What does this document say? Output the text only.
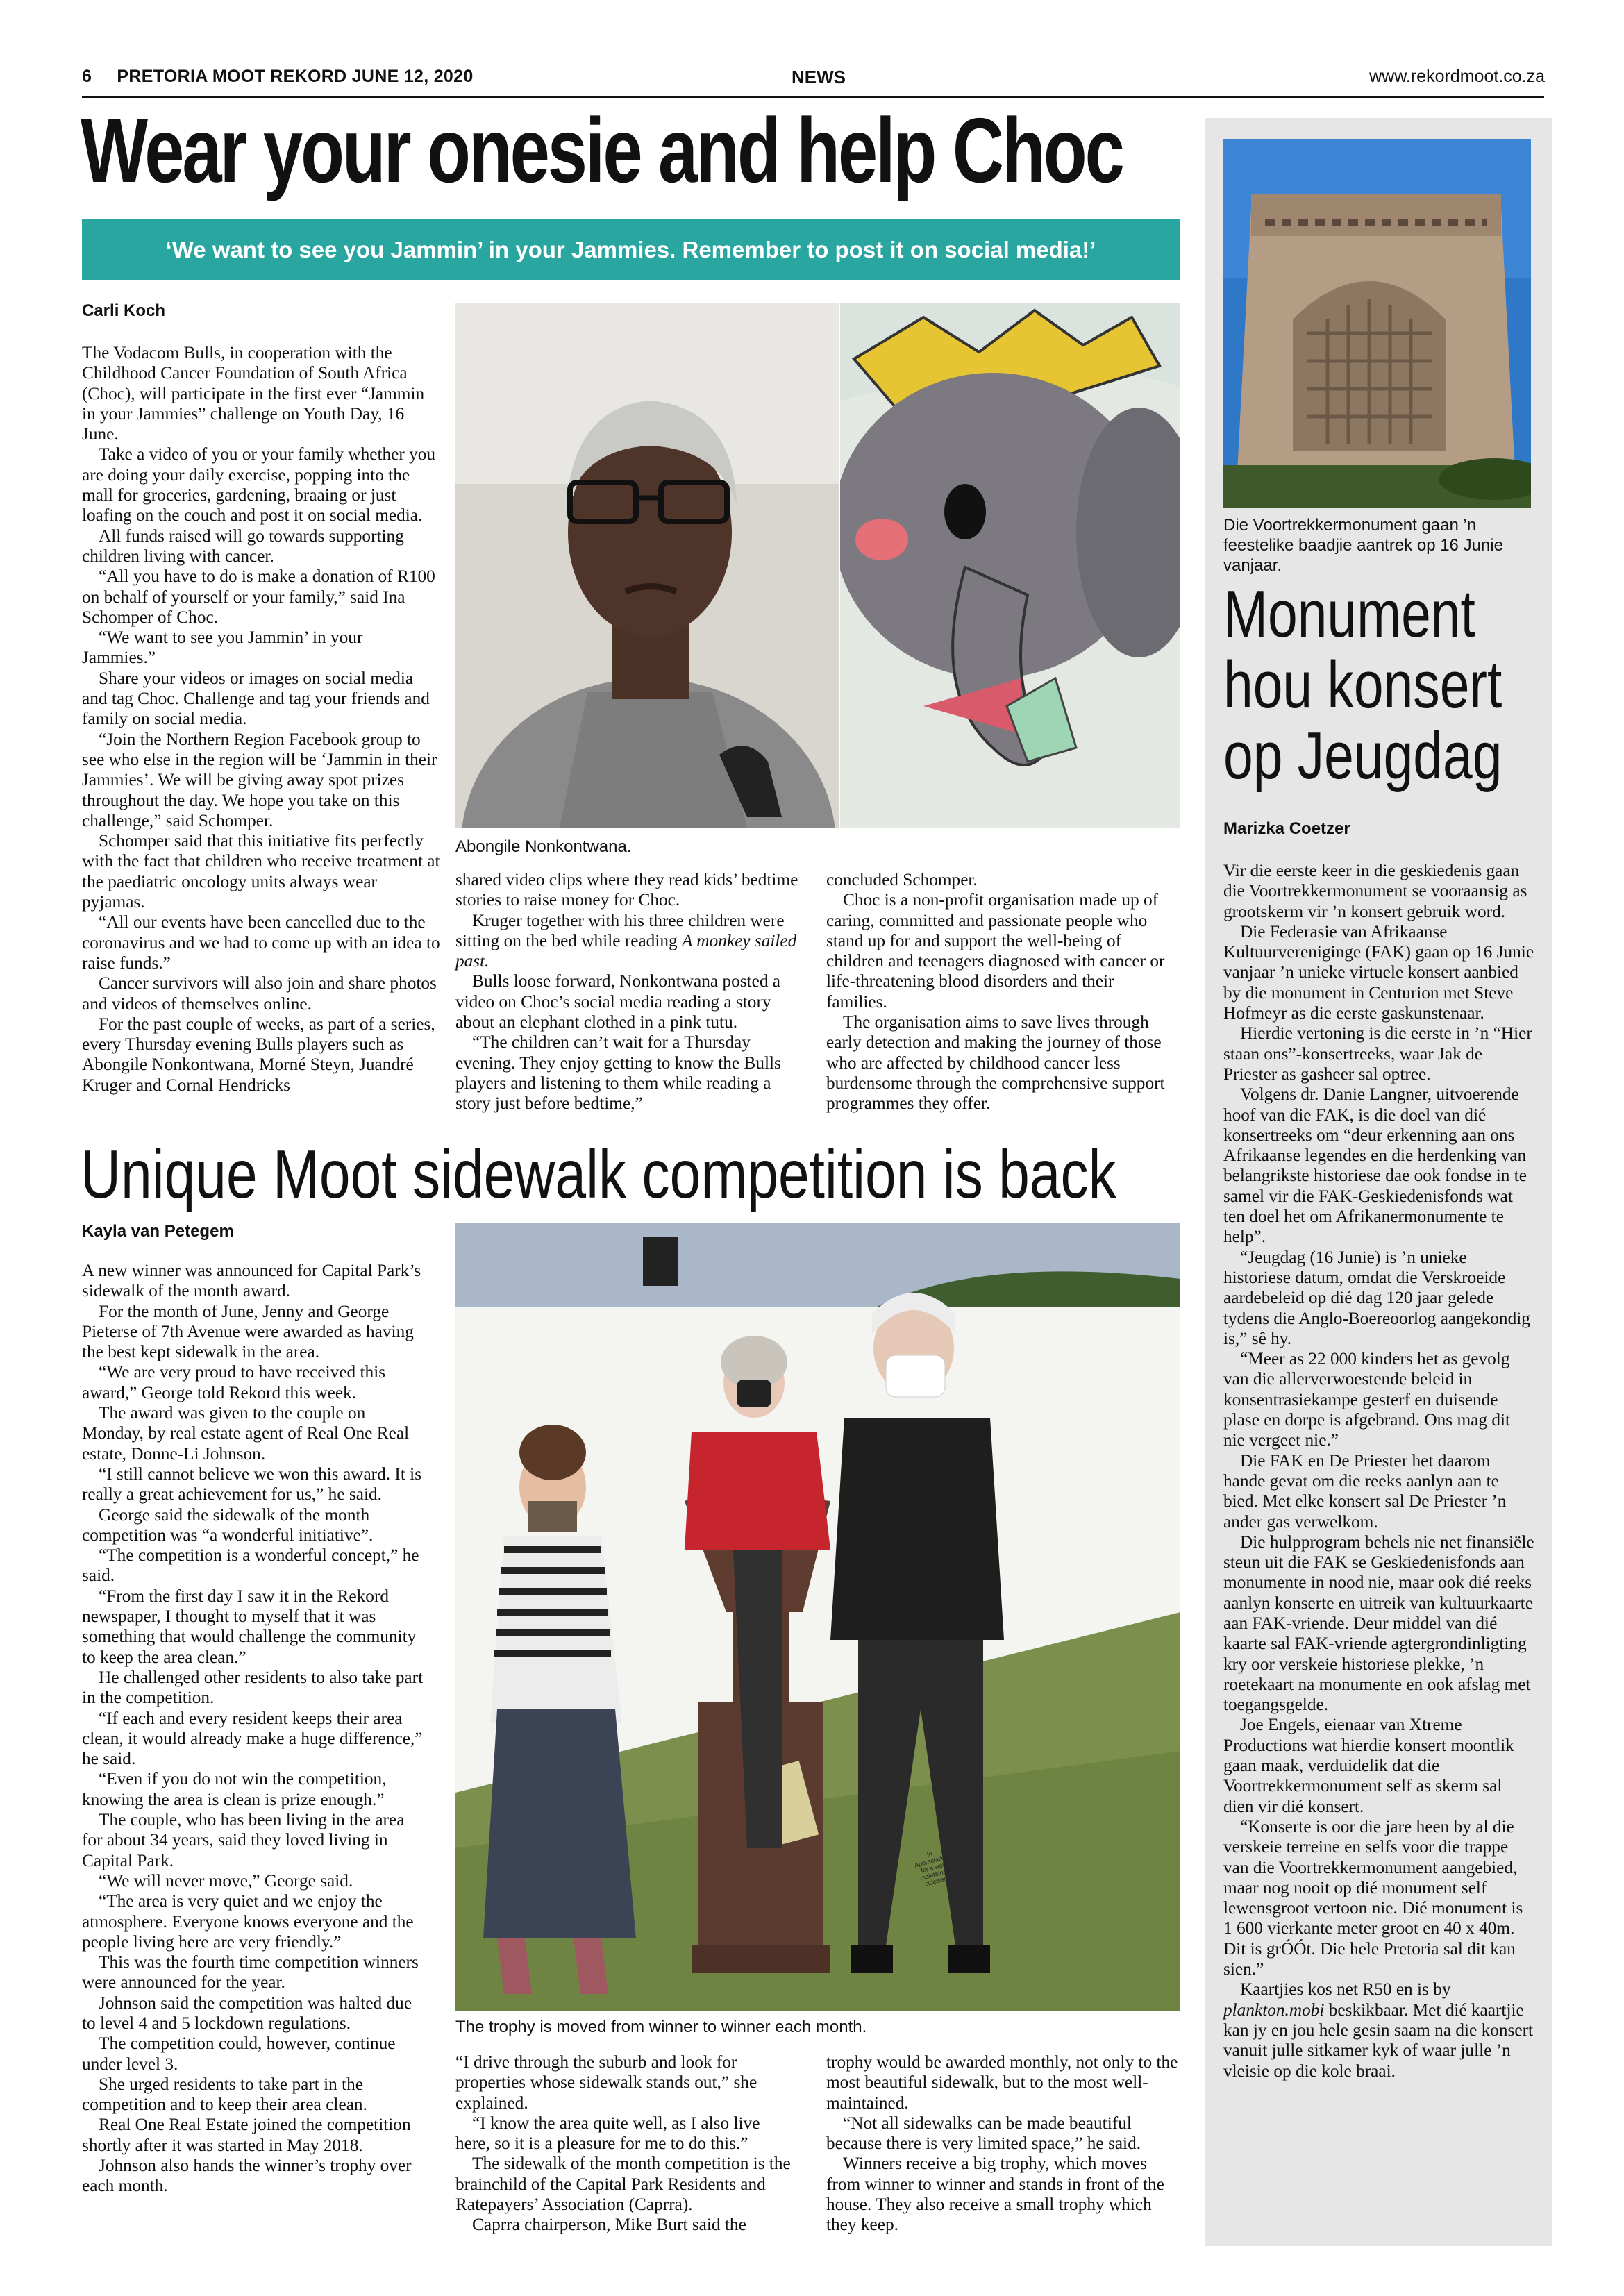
6     PRETORIA MOOT REKORD JUNE 12, 2020	NEWS	www.rekordmoot.co.za
Wear your onesie and help Choc
‘We want to see you Jammin’ in your Jammies. Remember to post it on social media!’
Carli Koch

The Vodacom Bulls, in cooperation with the Childhood Cancer Foundation of South Africa (Choc), will participate in the first ever “Jammin in your Jammies” challenge on Youth Day, 16 June.

Take a video of you or your family whether you are doing your daily exercise, popping into the mall for groceries, gardening, braaing or just loafing on the couch and post it on social media.

All funds raised will go towards supporting children living with cancer.

“All you have to do is make a donation of R100 on behalf of yourself or your family,” said Ina Schomper of Choc.

“We want to see you Jammin’ in your Jammies.”

Share your videos or images on social media and tag Choc. Challenge and tag your friends and family on social media.

“Join the Northern Region Facebook group to see who else in the region will be ‘Jammin in their Jammies’. We will be giving away spot prizes throughout the day. We hope you take on this challenge,” said Schomper.

Schomper said that this initiative fits perfectly with the fact that children who receive treatment at the paediatric oncology units always wear pyjamas.

“All our events have been cancelled due to the coronavirus and we had to come up with an idea to raise funds.”

Cancer survivors will also join and share photos and videos of themselves online.

For the past couple of weeks, as part of a series, every Thursday evening Bulls players such as Abongile Nonkontwana, Morné Steyn, Juandré Kruger and Cornal Hendricks

Abongile Nonkontwana.

shared video clips where they read kids’ bedtime stories to raise money for Choc.

Kruger together with his three children were sitting on the bed while reading A monkey sailed past.

Bulls loose forward, Nonkontwana posted a video on Choc’s social media reading a story about an elephant clothed in a pink tutu.

“The children can’t wait for a Thursday evening. They enjoy getting to know the Bulls players and listening to them while reading a story just before bedtime,”

concluded Schomper.

Choc is a non-profit organisation made up of caring, committed and passionate people who stand up for and support the well-being of children and teenagers diagnosed with cancer or life-threatening blood disorders and their families.

The organisation aims to save lives through early detection and making the journey of those who are affected by childhood cancer less burdensome through the comprehensive support programmes they offer.

Unique Moot sidewalk competition is back
Kayla van Petegem

A new winner was announced for Capital Park’s sidewalk of the month award.

For the month of June, Jenny and George Pieterse of 7th Avenue were awarded as having the best kept sidewalk in the area.

“We are very proud to have received this award,” George told Rekord this week.

The award was given to the couple on Monday, by real estate agent of Real One Real estate, Donne-Li Johnson.

“I still cannot believe we won this award. It is really a great achievement for us,” he said.

George said the sidewalk of the month competition was “a wonderful initiative”.

“The competition is a wonderful concept,” he said.

“From the first day I saw it in the Rekord newspaper, I thought to myself that it was something that would challenge the community to keep the area clean.”

He challenged other residents to also take part in the competition.

“If each and every resident keeps their area clean, it would already make a huge difference,” he said.

“Even if you do not win the competition, knowing the area is clean is prize enough.”

The couple, who has been living in the area for about 34 years, said they loved living in Capital Park.

“We will never move,” George said.

“The area is very quiet and we enjoy the atmosphere. Everyone knows everyone and the people living here are very friendly.”

This was the fourth time competition winners were announced for the year.

Johnson said the competition was halted due to level 4 and 5 lockdown regulations.

The competition could, however, continue under level 3.

She urged residents to take part in the competition and to keep their area clean.

Real One Real Estate joined the competition shortly after it was started in May 2018.

Johnson also hands the winner’s trophy over each month.

The trophy is moved from winner to winner each month.

“I drive through the suburb and look for properties whose sidewalk stands out,” she explained.

“I know the area quite well, as I also live here, so it is a pleasure for me to do this.”

The sidewalk of the month competition is the brainchild of the Capital Park Residents and Ratepayers’ Association (Caprra).

Caprra chairperson, Mike Burt said the

trophy would be awarded monthly, not only to the most beautiful sidewalk, but to the most well-maintained.

“Not all sidewalks can be made beautiful because there is very limited space,” he said.

Winners receive a big trophy, which moves from winner to winner and stands in front of the house. They also receive a small trophy which they keep.

Die Voortrekkermonument gaan ’n feestelike baadjie aantrek op 16 Junie vanjaar.
Monument
hou konsert
op Jeugdag
Marizka Coetzer

Vir die eerste keer in die geskiedenis gaan die Voortrekkermonument se vooraansig as grootskerm vir ’n konsert gebruik word.

Die Federasie van Afrikaanse Kultuurvereniginge (FAK) gaan op 16 Junie vanjaar ’n unieke virtuele konsert aanbied by die monument in Centurion met Steve Hofmeyr as die eerste gaskunstenaar.

Hierdie vertoning is die eerste in ’n “Hier staan ons”-konsertreeks, waar Jak de Priester as gasheer sal optree.

Volgens dr. Danie Langner, uitvoerende hoof van die FAK, is die doel van dié konsertreeks om “deur erkenning aan ons Afrikaanse legendes en die herdenking van belangrikste historiese dae ook fondse in te samel vir die FAK-Geskiedenisfonds wat ten doel het om Afrikanermonumente te help”.

“Jeugdag (16 Junie) is ’n unieke historiese datum, omdat die Verskroeide aardebeleid op dié dag 120 jaar gelede tydens die Anglo-Boereoorlog aangekondig is,” sê hy.

“Meer as 22 000 kinders het as gevolg van die allerverwoestende beleid in konsentrasiekampe gesterf en duisende plase en dorpe is afgebrand. Ons mag dit nie vergeet nie.”

Die FAK en De Priester het daarom hande gevat om die reeks aanlyn aan te bied. Met elke konsert sal De Priester ’n ander gas verwelkom.

Die hulpprogram behels nie net finansiële steun uit die FAK se Geskiedenisfonds aan monumente in nood nie, maar ook dié reeks aanlyn konserte en uitreik van kultuurkaarte aan FAK-vriende. Deur middel van dié kaarte sal FAK-vriende agtergrondinligting kry oor verskeie historiese plekke, ’n roetekaart na monumente en ook afslag met toegangsgelde.

Joe Engels, eienaar van Xtreme Productions wat hierdie konsert moontlik gaan maak, verduidelik dat die Voortrekkermonument self as skerm sal dien vir dié konsert.

“Konserte is oor die jare heen by al die verskeie terreine en selfs voor die trappe van die Voortrekkermonument aangebied, maar nog nooit op dié monument self lewensgroot vertoon nie. Dié monument is 1 600 vierkante meter groot en 40 x 40m. Dit is grÓÓt. Die hele Pretoria sal dit kan sien.”

Kaartjies kos net R50 en is by plankton.mobi beskikbaar. Met dié kaartjie kan jy en jou hele gesin saam na die konsert vanuit julle sitkamer kyk of waar julle ’n vleisie op die kole braai.

In Appreciation for a well maintained sidewalk
